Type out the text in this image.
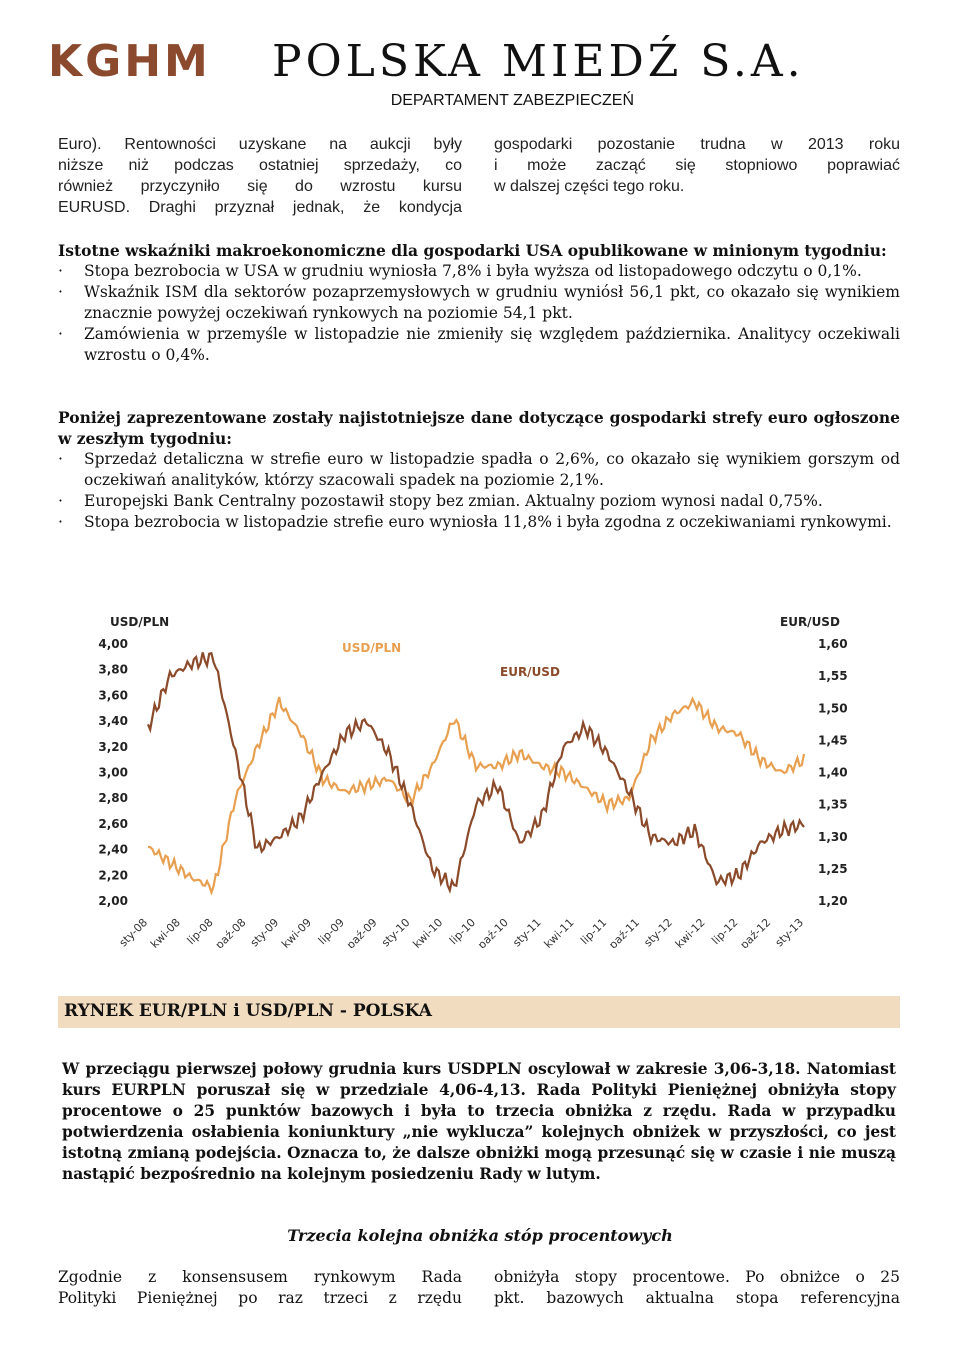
KGHM POLSKA MIEDŹ S.A.
DEPARTAMENT ZABEZPIECZEŃ
Euro). Rentowności uzyskane na aukcji były
niższe niż podczas ostatniej sprzedaży, co
również przyczyniło się do wzrostu kursu
EURUSD. Draghi przyznał jednak, że kondycja
gospodarki pozostanie trudna w 2013 roku
i może zacząć się stopniowo poprawiać
w dalszej części tego roku.
Istotne wskaźniki makroekonomiczne dla gospodarki USA opublikowane w minionym tygodniu:
· Stopa bezrobocia w USA w grudniu wyniosła 7,8% i była wyższa od listopadowego odczytu o 0,1%.
· Wskaźnik ISM dla sektorów pozaprzemysłowych w grudniu wyniósł 56,1 pkt, co okazało się wynikiem znacznie powyżej oczekiwań rynkowych na poziomie 54,1 pkt.
· Zamówienia w przemyśle w listopadzie nie zmieniły się względem października. Analitycy oczekiwali wzrostu o 0,4%.
Poniżej zaprezentowane zostały najistotniejsze dane dotyczące gospodarki strefy euro ogłoszone w zeszłym tygodniu:
· Sprzedaż detaliczna w strefie euro w listopadzie spadła o 2,6%, co okazało się wynikiem gorszym od oczekiwań analityków, którzy szacowali spadek na poziomie 2,1%.
· Europejski Bank Centralny pozostawił stopy bez zmian. Aktualny poziom wynosi nadal 0,75%.
· Stopa bezrobocia w listopadzie strefie euro wyniosła 11,8% i była zgodna z oczekiwaniami rynkowymi.
USD/PLN	EUR/USD
4,00
3,80
3,60
3,40
3,20
3,00
2,80
2,60
2,40
2,20
2,00
1,60
1,55
1,50
1,45
1,40
1,35
1,30
1,25
1,20
sty-08
kwi-08 lip-08
paź-08 sty-09
kwi-09 lip-09
paź-09 sty-10
kwi-10 lip-10
paź-10 sty-11
kwi-11 lip-11
paź-11 sty-12
kwi-12 lip-12
paź-12 sty-13
USD/PLN
EUR/USD
RYNEK EUR/PLN i USD/PLN - POLSKA
W przeciągu pierwszej połowy grudnia kurs USDPLN oscylował w zakresie 3,06-3,18. Natomiast kurs EURPLN poruszał się w przedziale 4,06-4,13. Rada Polityki Pieniężnej obniżyła stopy procentowe o 25 punktów bazowych i była to trzecia obniżka z rzędu. Rada w przypadku potwierdzenia osłabienia koniunktury „nie wyklucza” kolejnych obniżek w przyszłości, co jest istotną zmianą podejścia. Oznacza to, że dalsze obniżki mogą przesunąć się w czasie i nie muszą nastąpić bezpośrednio na kolejnym posiedzeniu Rady w lutym.
Trzecia kolejna obniżka stóp procentowych
Zgodnie z konsensusem rynkowym Rada
Polityki Pieniężnej po raz trzeci z rzędu
obniżyła stopy procentowe. Po obniżce o 25
pkt. bazowych aktualna stopa referencyjna
